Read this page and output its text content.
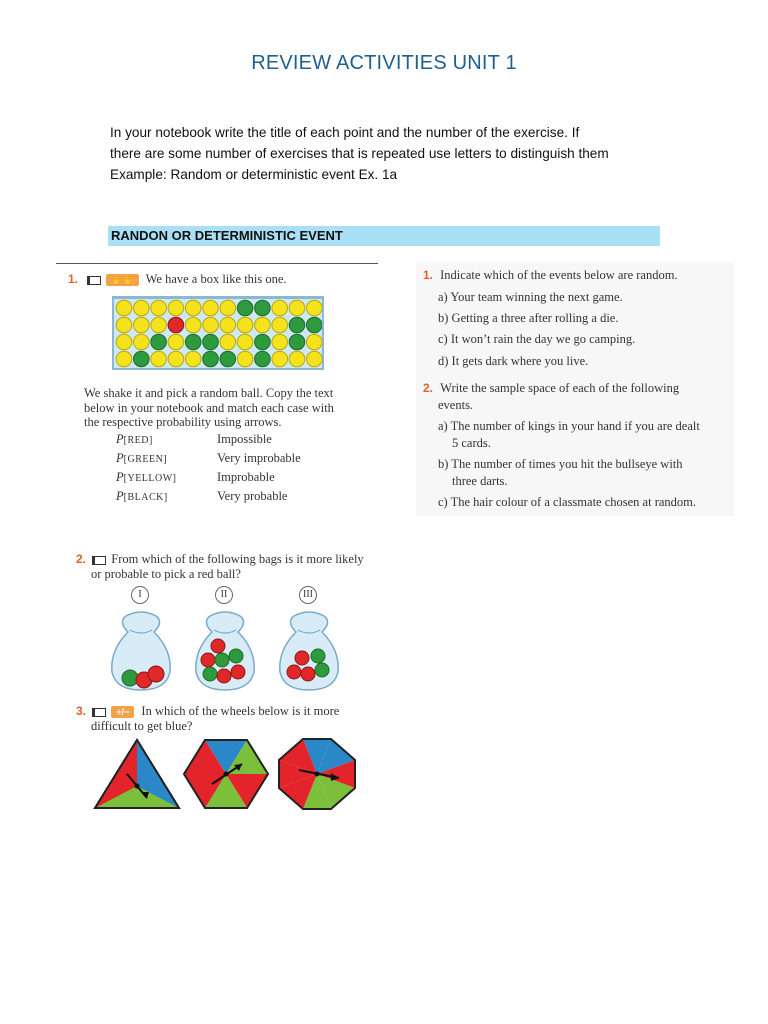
REVIEW ACTIVITIES UNIT 1
In your notebook write the title of each point and the number of the exercise. If
there are some number of exercises that is repeated use letters to distinguish them
Example: Random or deterministic event Ex. 1a
RANDON OR DETERMINISTIC EVENT
1.	✋✋ We have a box like this one.
We shake it and pick a random ball. Copy the text
below in your notebook and match each case with
the respective probability using arrows.
P[RED]	Impossible
P[GREEN]	Very improbable
P[YELLOW]	Improbable
P[BLACK]	Very probable
2. From which of the following bags is it more likely
or probable to pick a red ball?
I	II	III
3.	+/− In which of the wheels below is it more
difficult to get blue?
1. Indicate which of the events below are random.
a) Your team winning the next game.
b) Getting a three after rolling a die.
c) It won’t rain the day we go camping.
d) It gets dark where you live.
2. Write the sample space of each of the following
events.
a) The number of kings in your hand if you are dealt
5 cards.
b) The number of times you hit the bullseye with
three darts.
c) The hair colour of a classmate chosen at random.
